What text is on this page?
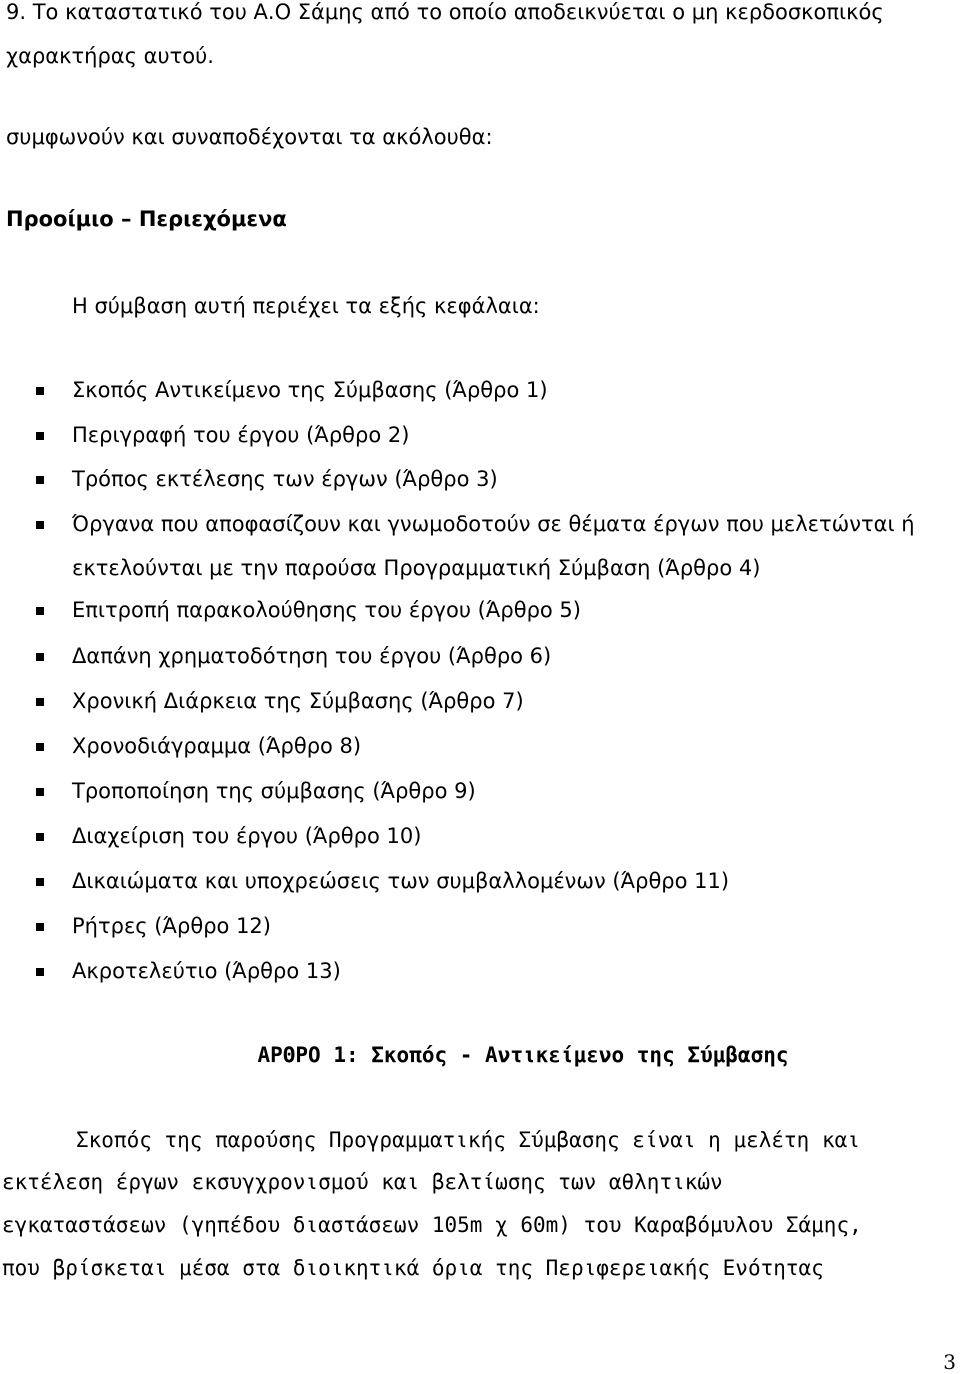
9. Το καταστατικό του Α.Ο Σάμης από το οποίο αποδεικνύεται ο μη κερδοσκοπικός
χαρακτήρας αυτού.
συμφωνούν και συναποδέχονται τα ακόλουθα:
Προοίμιο – Περιεχόμενα
Η σύμβαση αυτή περιέχει τα εξής κεφάλαια:
Σκοπός Αντικείμενο της Σύμβασης (Άρθρο 1)
Περιγραφή του έργου (Άρθρο 2)
Τρόπος εκτέλεσης των έργων (Άρθρο 3)
Όργανα που αποφασίζουν και γνωμοδοτούν σε θέματα έργων που μελετώνται ή
εκτελούνται με την παρούσα Προγραμματική Σύμβαση (Άρθρο 4)
Επιτροπή παρακολούθησης του έργου (Άρθρο 5)
Δαπάνη χρηματοδότηση του έργου (Άρθρο 6)
Χρονική Διάρκεια της Σύμβασης (Άρθρο 7)
Χρονοδιάγραμμα (Άρθρο 8)
Τροποποίηση της σύμβασης (Άρθρο 9)
Διαχείριση του έργου (Άρθρο 10)
Δικαιώματα και υποχρεώσεις των συμβαλλομένων (Άρθρο 11)
Ρήτρες (Άρθρο 12)
Ακροτελεύτιο (Άρθρο 13)
ΑΡΘΡΟ 1: Σκοπός - Αντικείμενο της Σύμβασης
Σκοπός της παρούσης Προγραμματικής Σύμβασης είναι η μελέτη και
εκτέλεση έργων εκσυγχρονισμού και βελτίωσης των αθλητικών
εγκαταστάσεων (γηπέδου διαστάσεων 105m χ 60m) του Καραβόμυλου Σάμης,
που βρίσκεται μέσα στα διοικητικά όρια της Περιφερειακής Ενότητας
3
